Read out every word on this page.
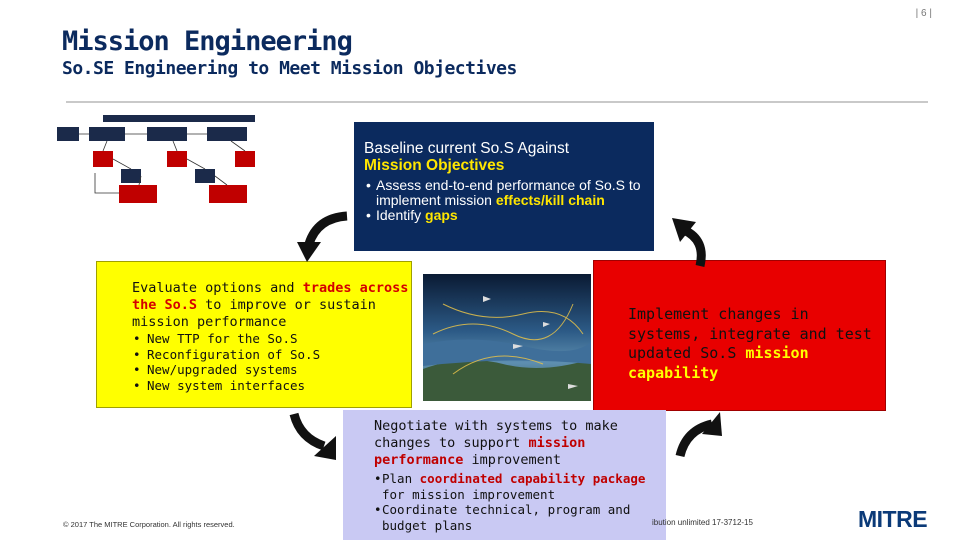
| 6 |
Mission Engineering
So.SE Engineering to Meet Mission Objectives
Baseline current So.S Against
Mission Objectives
• Assess end-to-end performance of So.S to implement mission effects/kill chain
• Identify gaps
Evaluate options and trades across the So.S to improve or sustain mission performance
• New TTP for the So.S
• Reconfiguration of So.S
• New/upgraded systems
• New system interfaces
Implement changes in systems, integrate and test updated So.S mission capability
Negotiate with systems to make changes to support mission performance improvement
• Plan coordinated capability package for mission improvement
• Coordinate technical, program and budget plans
© 2017 The MITRE Corporation. All rights reserved.	ibution unlimited 17-3712-15	MITRE
